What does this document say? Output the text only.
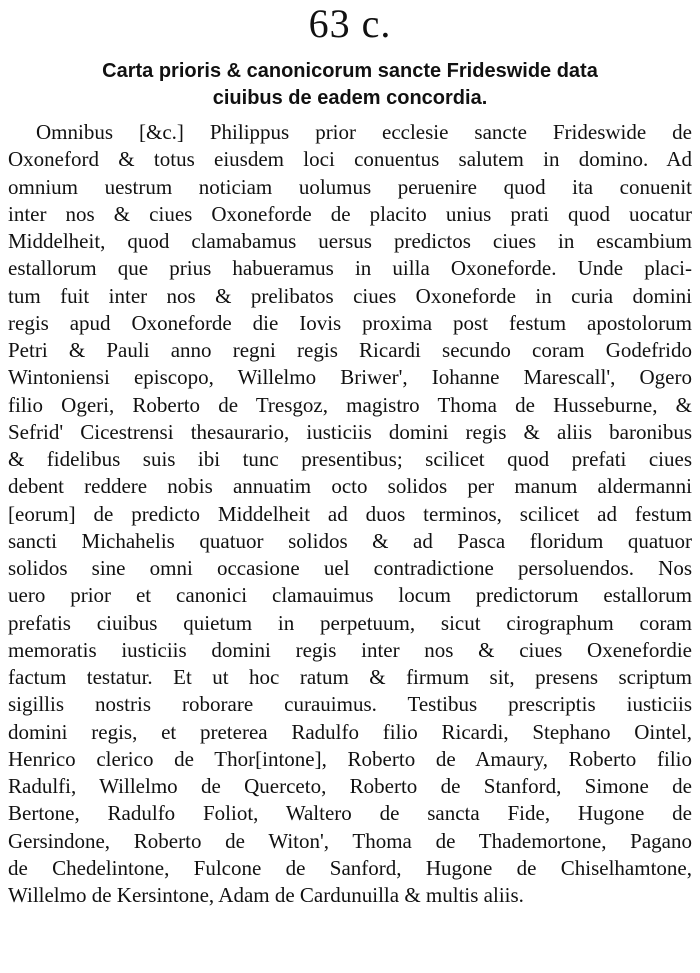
63 c.
Carta prioris & canonicorum sancte Frideswide data
ciuibus de eadem concordia.
Omnibus [&c.] Philippus prior ecclesie sancte Frideswide de
Oxoneford & totus eiusdem loci conuentus salutem in domino. Ad
omnium uestrum noticiam uolumus peruenire quod ita conuenit
inter nos & ciues Oxoneforde de placito unius prati quod uocatur
Middelheit, quod clamabamus uersus predictos ciues in escambium
estallorum que prius habueramus in uilla Oxoneforde. Unde placi-
tum fuit inter nos & prelibatos ciues Oxoneforde in curia domini
regis apud Oxoneforde die Iovis proxima post festum apostolorum
Petri & Pauli anno regni regis Ricardi secundo coram Godefrido
Wintoniensi episcopo, Willelmo Briwer', Iohanne Marescall', Ogero
filio Ogeri, Roberto de Tresgoz, magistro Thoma de Husseburne, &
Sefrid' Cicestrensi thesaurario, iusticiis domini regis & aliis baronibus
& fidelibus suis ibi tunc presentibus; scilicet quod prefati ciues
debent reddere nobis annuatim octo solidos per manum aldermanni
[eorum] de predicto Middelheit ad duos terminos, scilicet ad festum
sancti Michahelis quatuor solidos & ad Pasca floridum quatuor
solidos sine omni occasione uel contradictione persoluendos. Nos
uero prior et canonici clamauimus locum predictorum estallorum
prefatis ciuibus quietum in perpetuum, sicut cirographum coram
memoratis iusticiis domini regis inter nos & ciues Oxenefordie
factum testatur. Et ut hoc ratum & firmum sit, presens scriptum
sigillis nostris roborare curauimus. Testibus prescriptis iusticiis
domini regis, et preterea Radulfo filio Ricardi, Stephano Ointel,
Henrico clerico de Thor[intone], Roberto de Amaury, Roberto filio
Radulfi, Willelmo de Querceto, Roberto de Stanford, Simone de
Bertone, Radulfo Foliot, Waltero de sancta Fide, Hugone de
Gersindone, Roberto de Witon', Thoma de Thademortone, Pagano
de Chedelintone, Fulcone de Sanford, Hugone de Chiselhamtone,
Willelmo de Kersintone, Adam de Cardunuilla & multis aliis.
